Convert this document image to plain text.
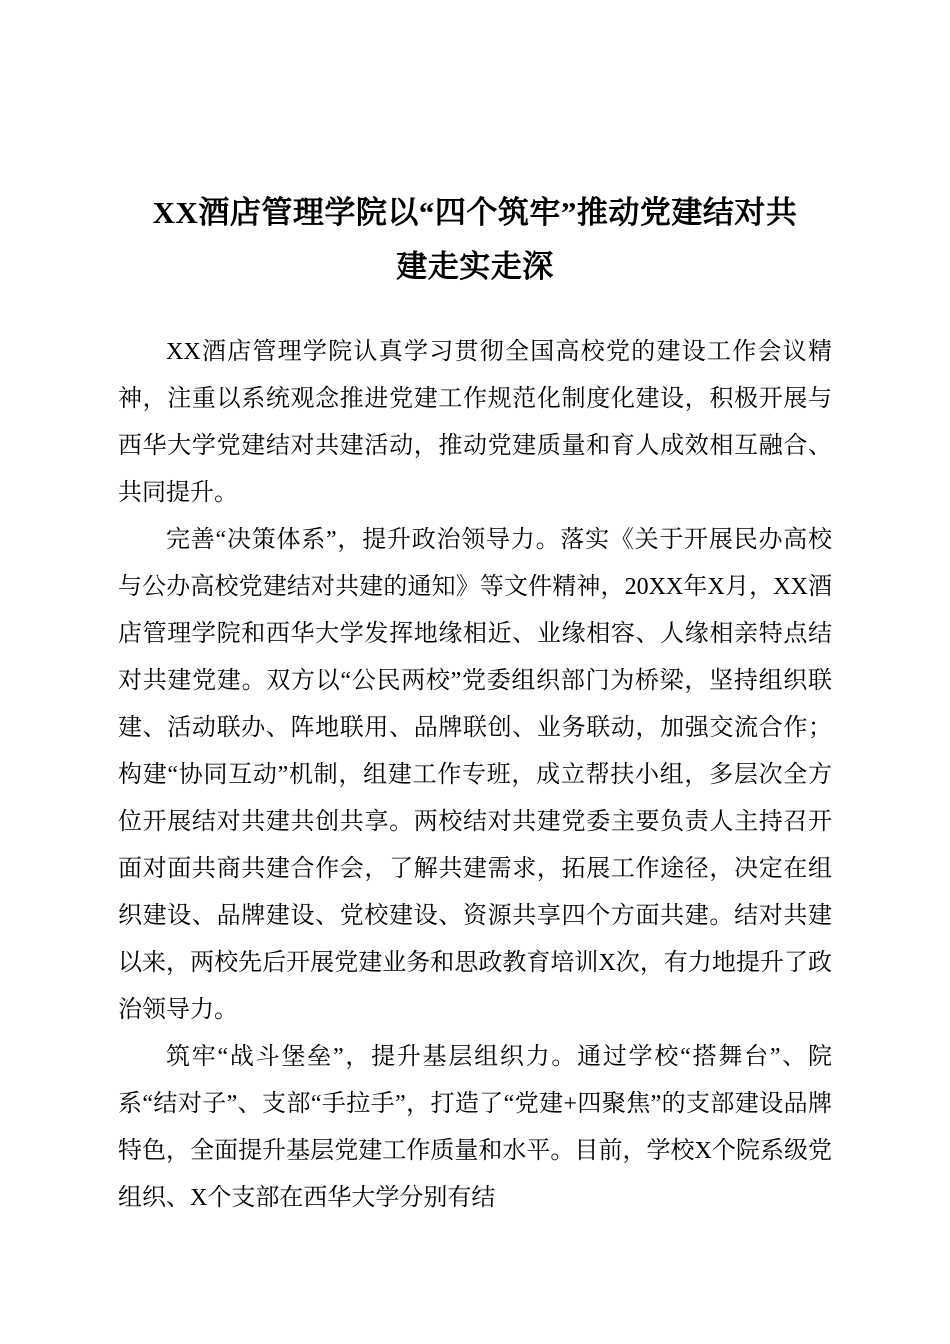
XX酒店管理学院以“四个筑牢”推动党建结对共建走实走深

XX酒店管理学院认真学习贯彻全国高校党的建设工作会议精神，注重以系统观念推进党建工作规范化制度化建设，积极开展与西华大学党建结对共建活动，推动党建质量和育人成效相互融合、共同提升。

完善“决策体系”，提升政治领导力。落实《关于开展民办高校与公办高校党建结对共建的通知》等文件精神，20XX年X月，XX酒店管理学院和西华大学发挥地缘相近、业缘相容、人缘相亲特点结对共建党建。双方以“公民两校”党委组织部门为桥梁，坚持组织联建、活动联办、阵地联用、品牌联创、业务联动，加强交流合作；构建“协同互动”机制，组建工作专班，成立帮扶小组，多层次全方位开展结对共建共创共享。两校结对共建党委主要负责人主持召开面对面共商共建合作会，了解共建需求，拓展工作途径，决定在组织建设、品牌建设、党校建设、资源共享四个方面共建。结对共建以来，两校先后开展党建业务和思政教育培训X次，有力地提升了政治领导力。

筑牢“战斗堡垒”，提升基层组织力。通过学校“搭舞台”、院系“结对子”、支部“手拉手”，打造了“党建+四聚焦”的支部建设品牌特色，全面提升基层党建工作质量和水平。目前，学校X个院系级党组织、X个支部在西华大学分别有结
